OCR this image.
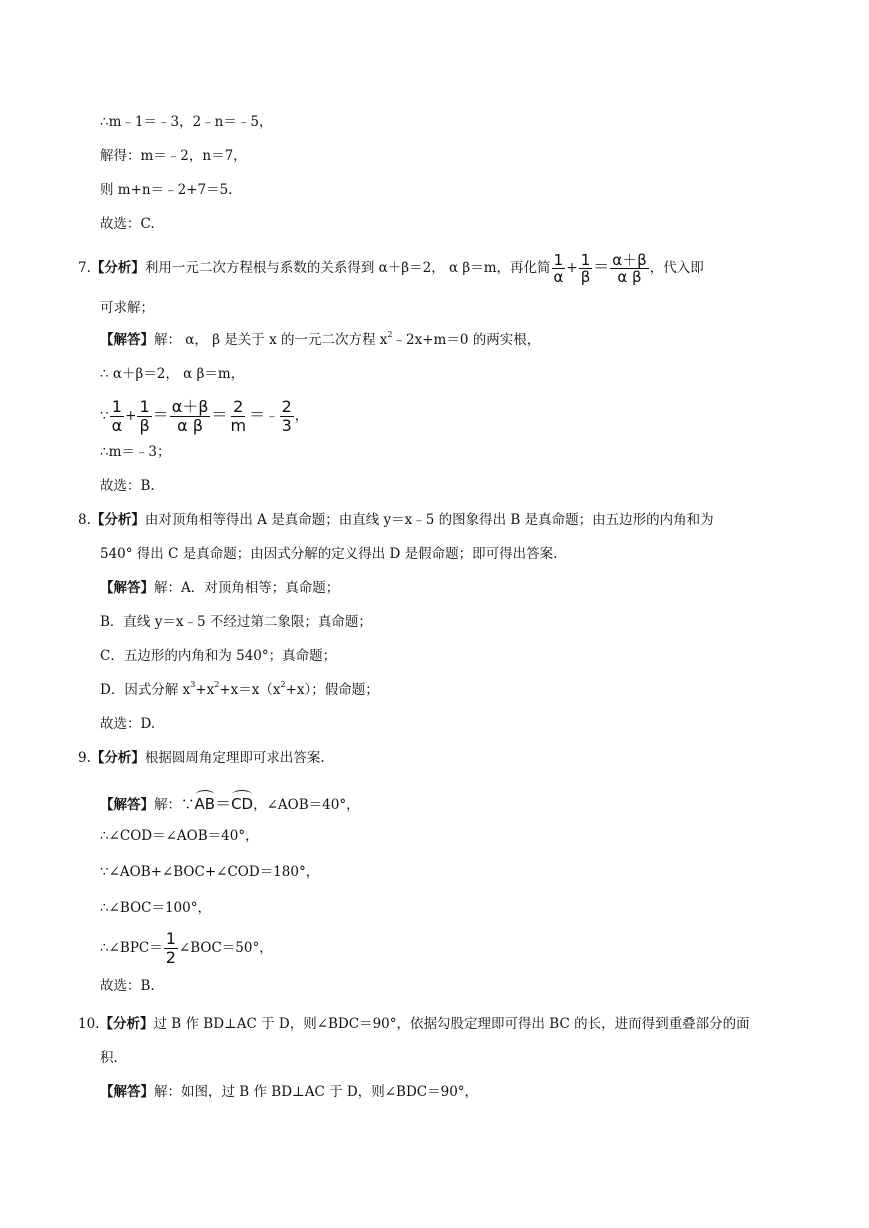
∴m﹣1＝﹣3，2﹣n＝﹣5，
解得：m＝﹣2，n＝7，
则 m+n＝﹣2+7＝5.
故选：C.
7.【分析】利用一元二次方程根与系数的关系得到 α＋β＝2， α β＝m，再化简 $\frac{1}{\alpha} + \frac{1}{\beta} = \frac{\alpha+\beta}{\text{α β}}$ ，代入即
可求解；
【解答】解： α， β 是关于 x 的一元二次方程 $x^2﹣2x+m=0$ 的两实根，
∴ α＋β＝2， α β＝m，
∵ $\frac{1}{\alpha} + \frac{1}{\beta} = \frac{\alpha+\beta}{\text{α β}} = \frac{2}{m}$ ＝﹣ $\frac{2}{3}$ ，
∴m＝﹣3；
故选：B.
8.【分析】由对顶角相等得出 A 是真命题；由直线 y＝x﹣5 的图象得出 B 是真命题；由五边形的内角和为
540° 得出 C 是真命题；由因式分解的定义得出 D 是假命题；即可得出答案.
【解答】解：A．对顶角相等；真命题；
B．直线 y＝x﹣5 不经过第二象限；真命题；
C．五边形的内角和为 540°；真命题；
D．因式分解 $x^3+x^2+x=x(x^2+x)$；假命题；
故选：D.
9.【分析】根据圆周角定理即可求出答案.
【解答】解：∵AB＝CD，∠AOB＝40°，
∴∠COD＝∠AOB＝40°，
∵∠AOB+∠BOC+∠COD＝180°，
∴∠BOC＝100°，
∴∠BPC＝ $\frac{1}{2}$ ∠BOC＝50°，
故选：B.
10.【分析】过 B 作 BD⊥AC 于 D，则∠BDC＝90°，依据勾股定理即可得出 BC 的长，进而得到重叠部分的面
积.
【解答】解：如图，过 B 作 BD⊥AC 于 D，则∠BDC＝90°，
